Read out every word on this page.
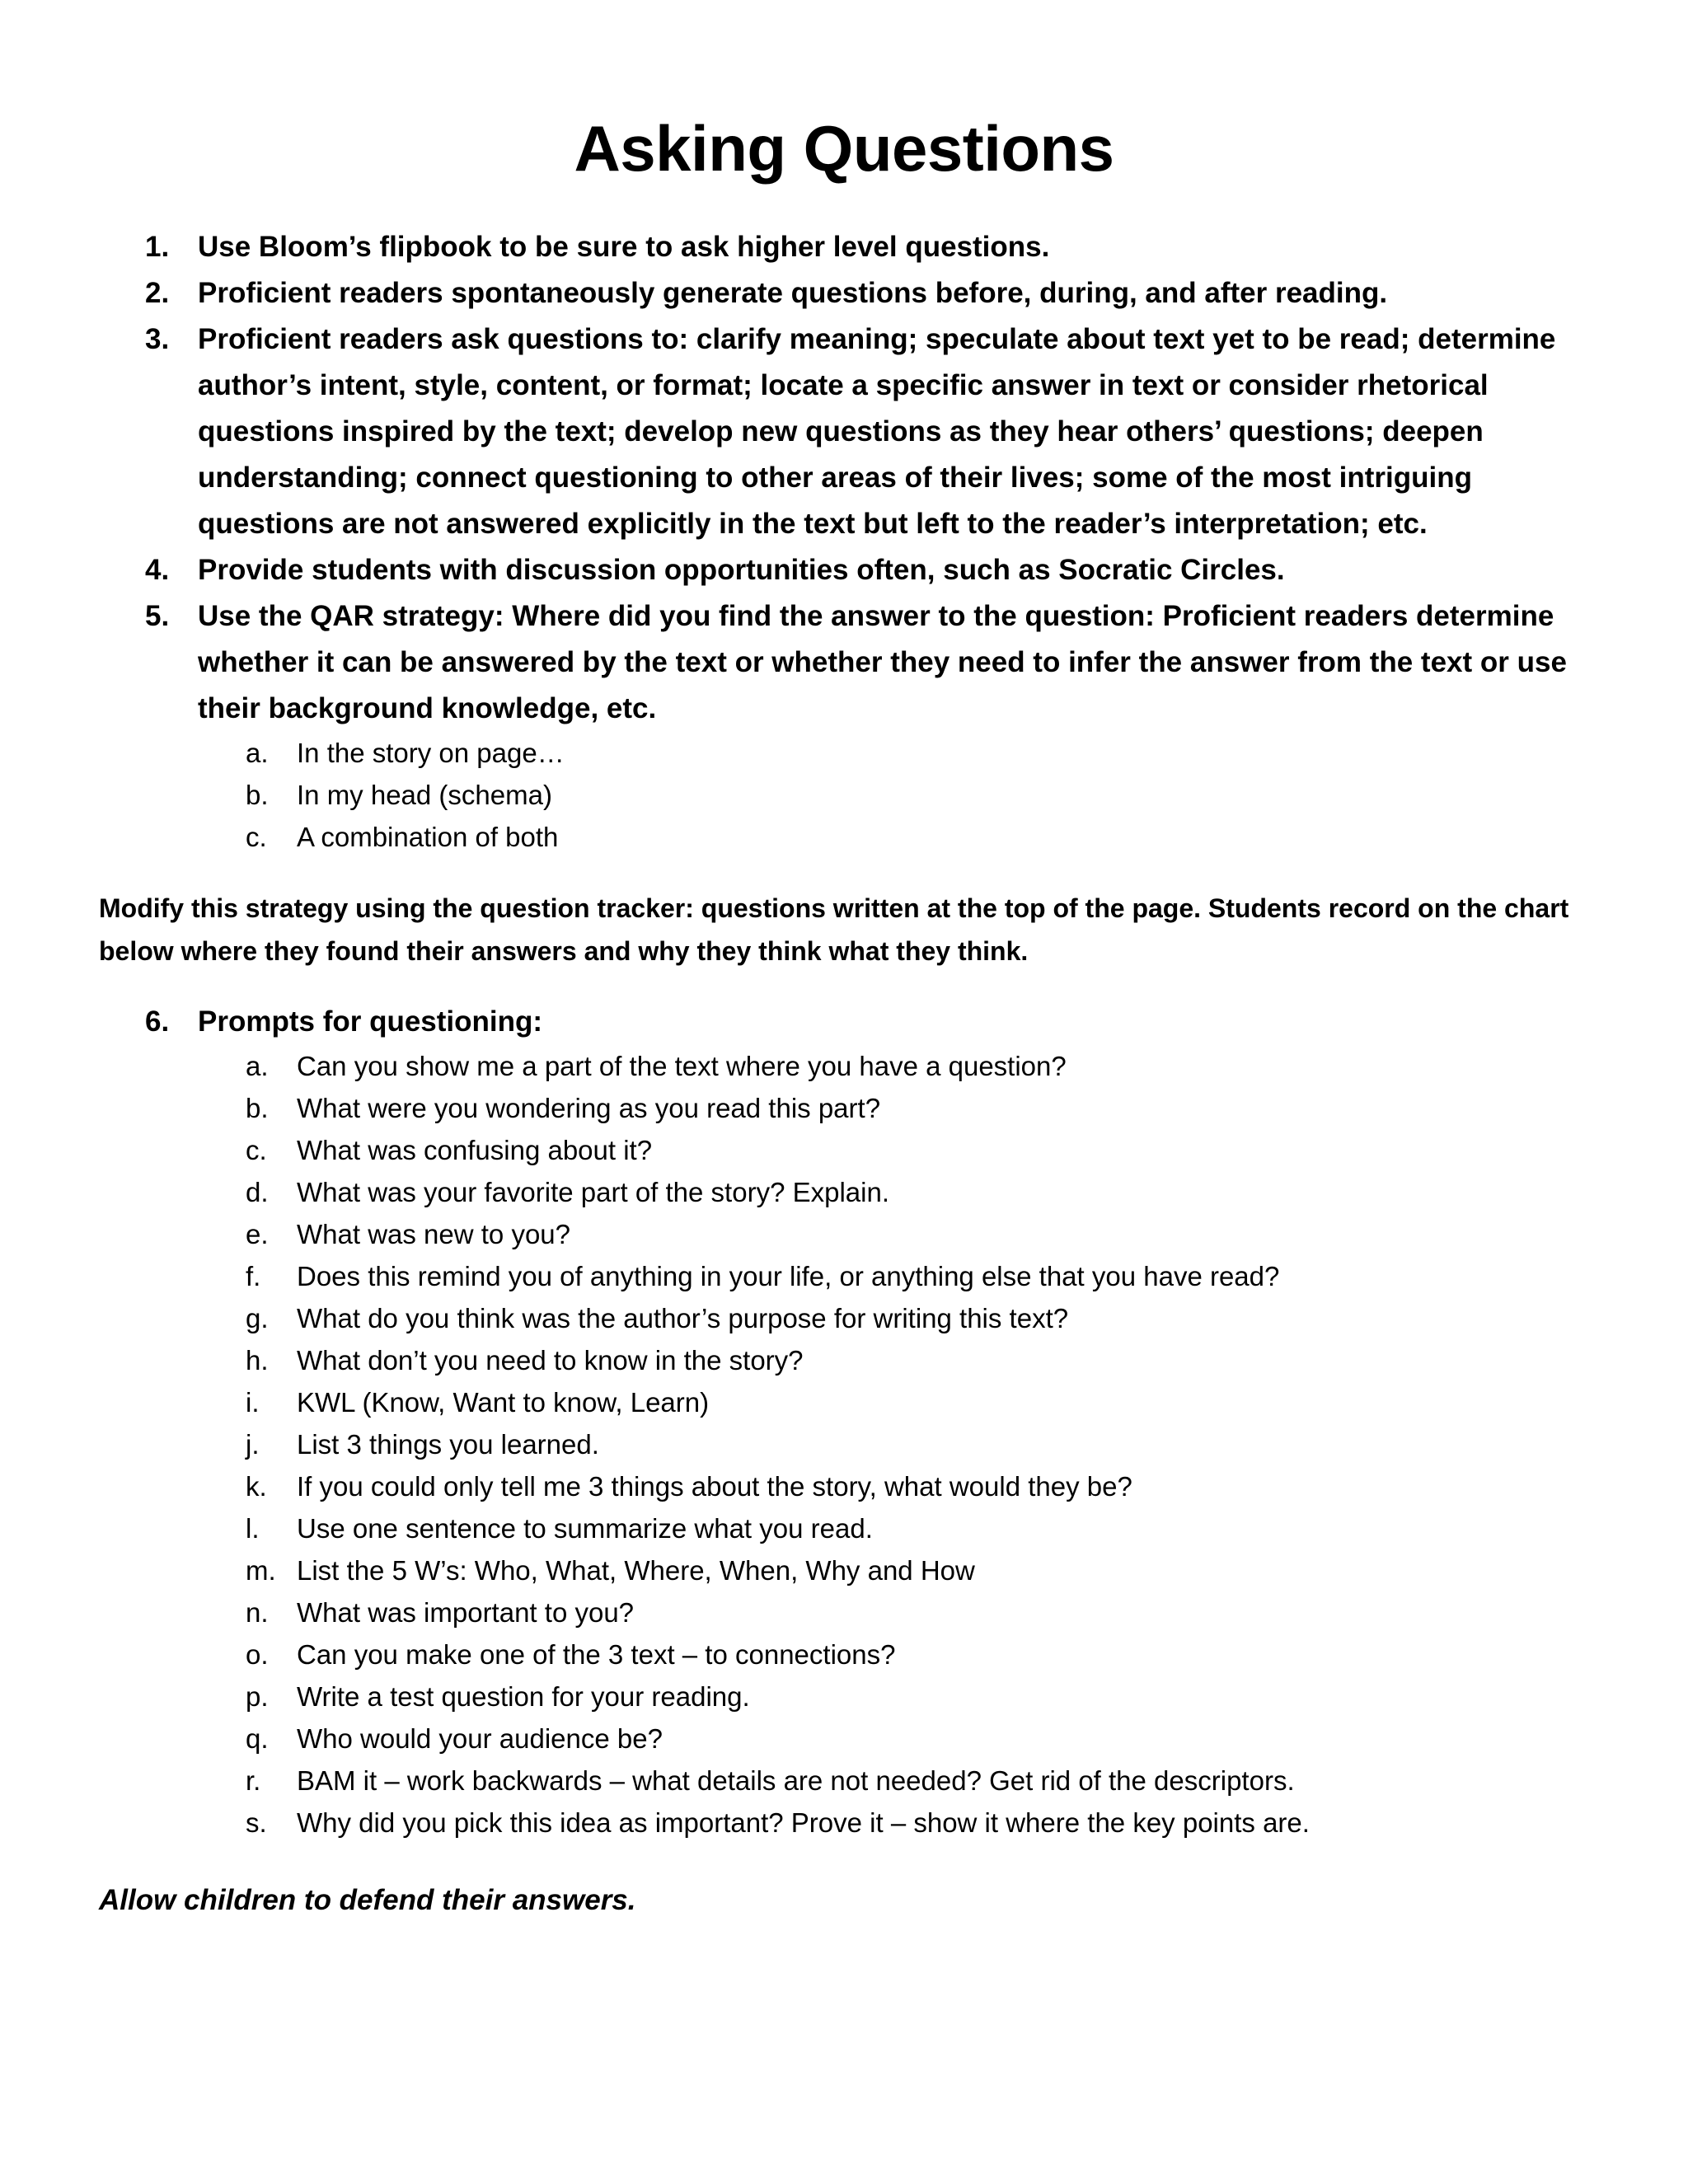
Asking Questions
1. Use Bloom’s flipbook to be sure to ask higher level questions.
2. Proficient readers spontaneously generate questions before, during, and after reading.
3. Proficient readers ask questions to: clarify meaning; speculate about text yet to be read; determine author’s intent, style, content, or format; locate a specific answer in text or consider rhetorical questions inspired by the text; develop new questions as they hear others’ questions; deepen understanding; connect questioning to other areas of their lives; some of the most intriguing questions are not answered explicitly in the text but left to the reader’s interpretation; etc.
4. Provide students with discussion opportunities often, such as Socratic Circles.
5. Use the QAR strategy: Where did you find the answer to the question: Proficient readers determine whether it can be answered by the text or whether they need to infer the answer from the text or use their background knowledge, etc.
a. In the story on page…
b. In my head (schema)
c. A combination of both
Modify this strategy using the question tracker: questions written at the top of the page. Students record on the chart below where they found their answers and why they think what they think.
6. Prompts for questioning:
a. Can you show me a part of the text where you have a question?
b. What were you wondering as you read this part?
c. What was confusing about it?
d. What was your favorite part of the story? Explain.
e. What was new to you?
f. Does this remind you of anything in your life, or anything else that you have read?
g. What do you think was the author’s purpose for writing this text?
h. What don’t you need to know in the story?
i. KWL (Know, Want to know, Learn)
j. List 3 things you learned.
k. If you could only tell me 3 things about the story, what would they be?
l. Use one sentence to summarize what you read.
m. List the 5 W’s: Who, What, Where, When, Why and How
n. What was important to you?
o. Can you make one of the 3 text – to connections?
p. Write a test question for your reading.
q. Who would your audience be?
r. BAM it – work backwards – what details are not needed? Get rid of the descriptors.
s. Why did you pick this idea as important? Prove it – show it where the key points are.
Allow children to defend their answers.
